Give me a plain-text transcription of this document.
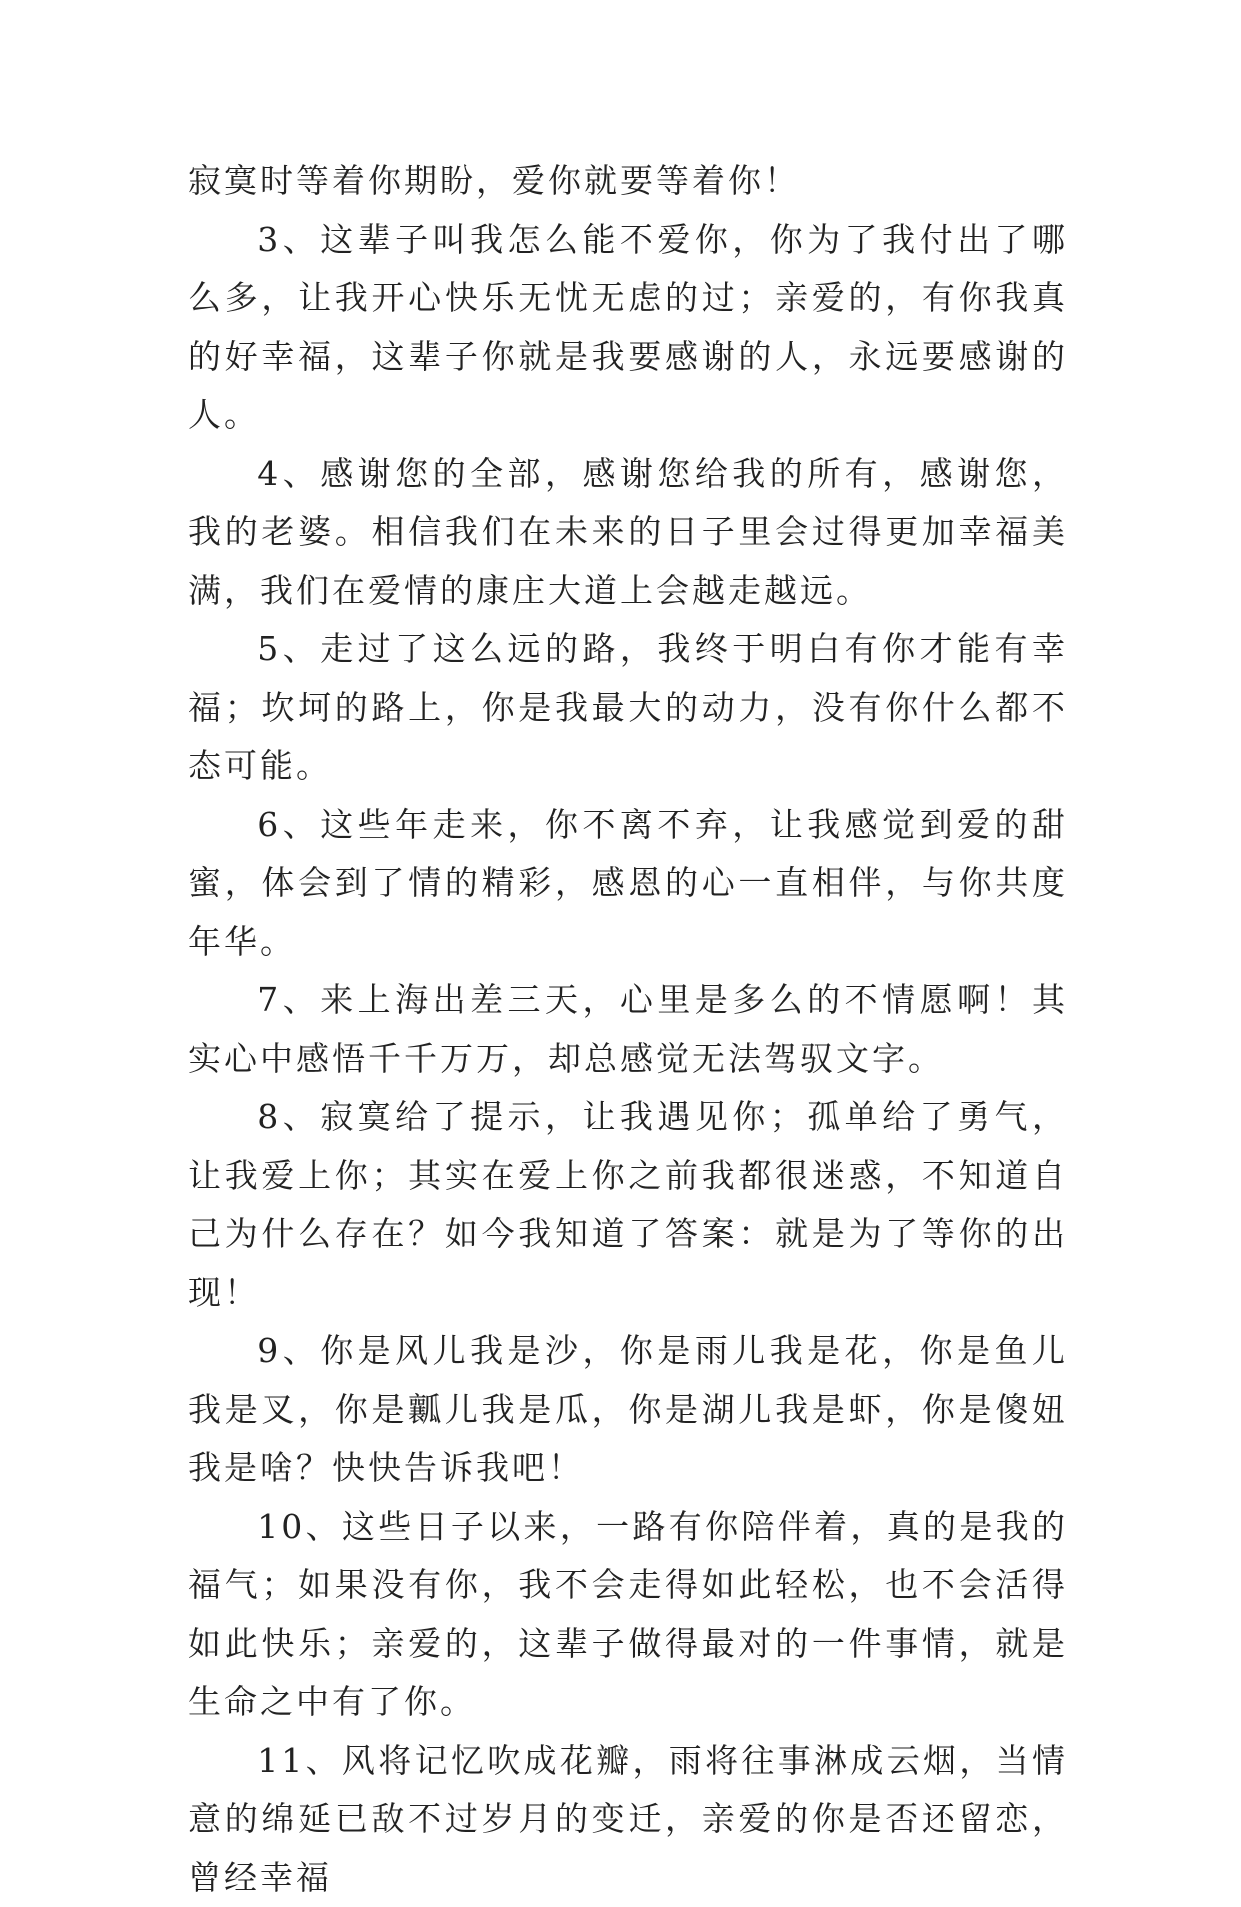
寂寞时等着你期盼，爱你就要等着你！

3、这辈子叫我怎么能不爱你，你为了我付出了哪么多，让我开心快乐无忧无虑的过；亲爱的，有你我真的好幸福，这辈子你就是我要感谢的人，永远要感谢的人。

4、感谢您的全部，感谢您给我的所有，感谢您，我的老婆。相信我们在未来的日子里会过得更加幸福美满，我们在爱情的康庄大道上会越走越远。

5、走过了这么远的路，我终于明白有你才能有幸福；坎坷的路上，你是我最大的动力，没有你什么都不态可能。

6、这些年走来，你不离不弃，让我感觉到爱的甜蜜，体会到了情的精彩，感恩的心一直相伴，与你共度年华。

7、来上海出差三天，心里是多么的不情愿啊！其实心中感悟千千万万，却总感觉无法驾驭文字。

8、寂寞给了提示，让我遇见你；孤单给了勇气，让我爱上你；其实在爱上你之前我都很迷惑，不知道自己为什么存在？如今我知道了答案：就是为了等你的出现！

9、你是风儿我是沙，你是雨儿我是花，你是鱼儿我是叉，你是瓤儿我是瓜，你是湖儿我是虾，你是傻妞我是啥？快快告诉我吧！

10、这些日子以来，一路有你陪伴着，真的是我的福气；如果没有你，我不会走得如此轻松，也不会活得如此快乐；亲爱的，这辈子做得最对的一件事情，就是生命之中有了你。

11、风将记忆吹成花瓣，雨将往事淋成云烟，当情意的绵延已敌不过岁月的变迁，亲爱的你是否还留恋，曾经幸福
